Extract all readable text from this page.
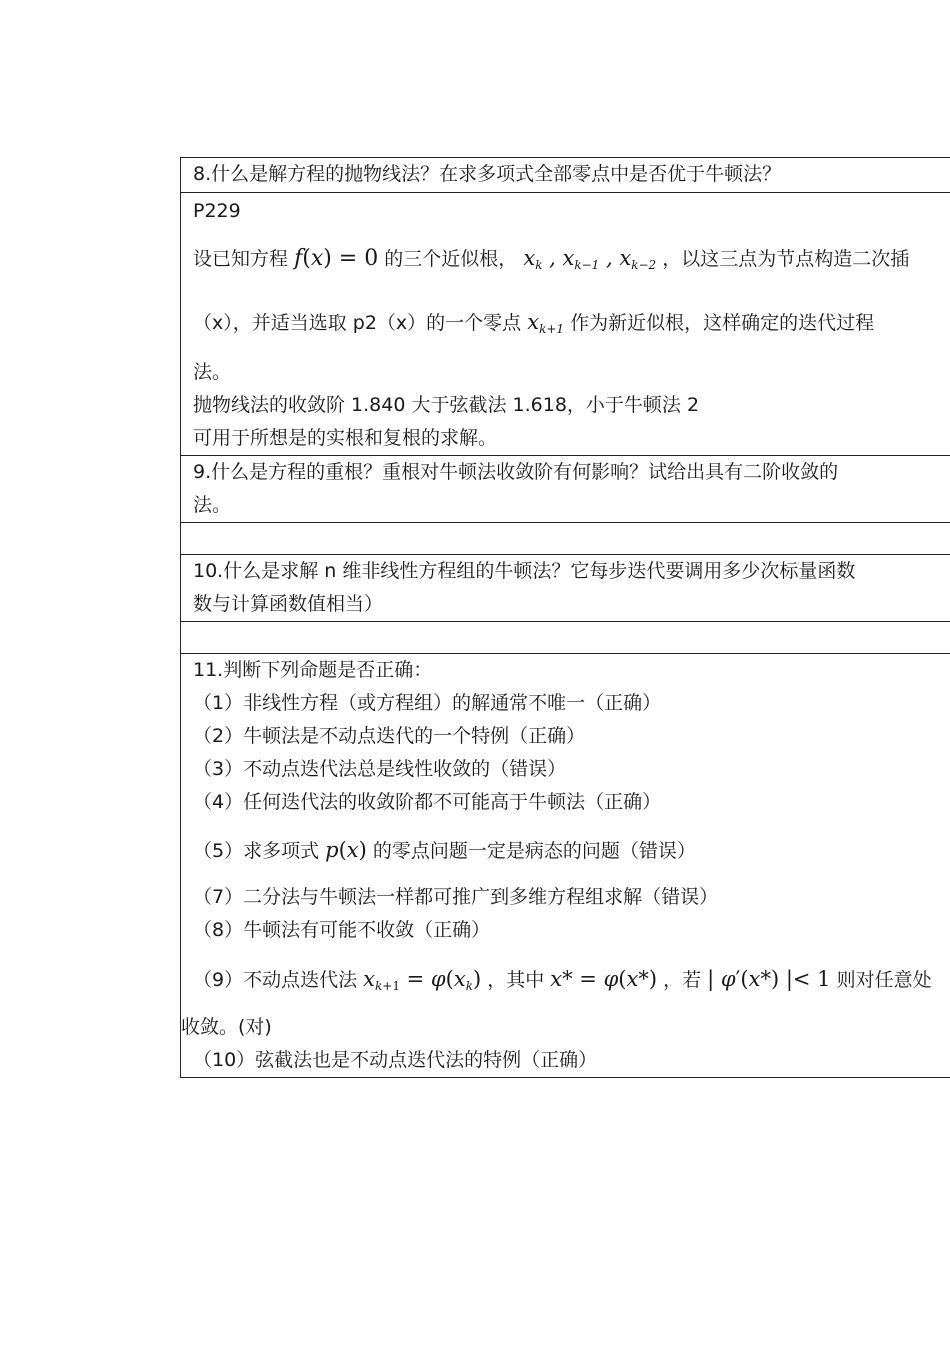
8.什么是解方程的抛物线法？在求多项式全部零点中是否优于牛顿法？
P229
设已知方程 f(x) = 0 的三个近似根， $x_k$ , $x_{k-1}$ , $x_{k-2}$ ，以这三点为节点构造二次插
（x），并适当选取 p2（x）的一个零点 $x_{k+1}$ 作为新近似根，这样确定的迭代过程
法。
抛物线法的收敛阶 1.840 大于弦截法 1.618，小于牛顿法 2
可用于所想是的实根和复根的求解。
9.什么是方程的重根？重根对牛顿法收敛阶有何影响？试给出具有二阶收敛的
法。
10.什么是求解 n 维非线性方程组的牛顿法？它每步迭代要调用多少次标量函数
数与计算函数值相当）
11.判断下列命题是否正确：
（1）非线性方程（或方程组）的解通常不唯一（正确）
（2）牛顿法是不动点迭代的一个特例（正确）
（3）不动点迭代法总是线性收敛的（错误）
（4）任何迭代法的收敛阶都不可能高于牛顿法（正确）
（5）求多项式 p(x) 的零点问题一定是病态的问题（错误）
（7）二分法与牛顿法一样都可推广到多维方程组求解（错误）
（8）牛顿法有可能不收敛（正确）
（9）不动点迭代法 $x_{k+1} = \varphi(x_k)$ ，其中 x* = φ(x*) ，若 | φ′(x*) |< 1 则对任意处
收敛。(对)
（10）弦截法也是不动点迭代法的特例（正确）
